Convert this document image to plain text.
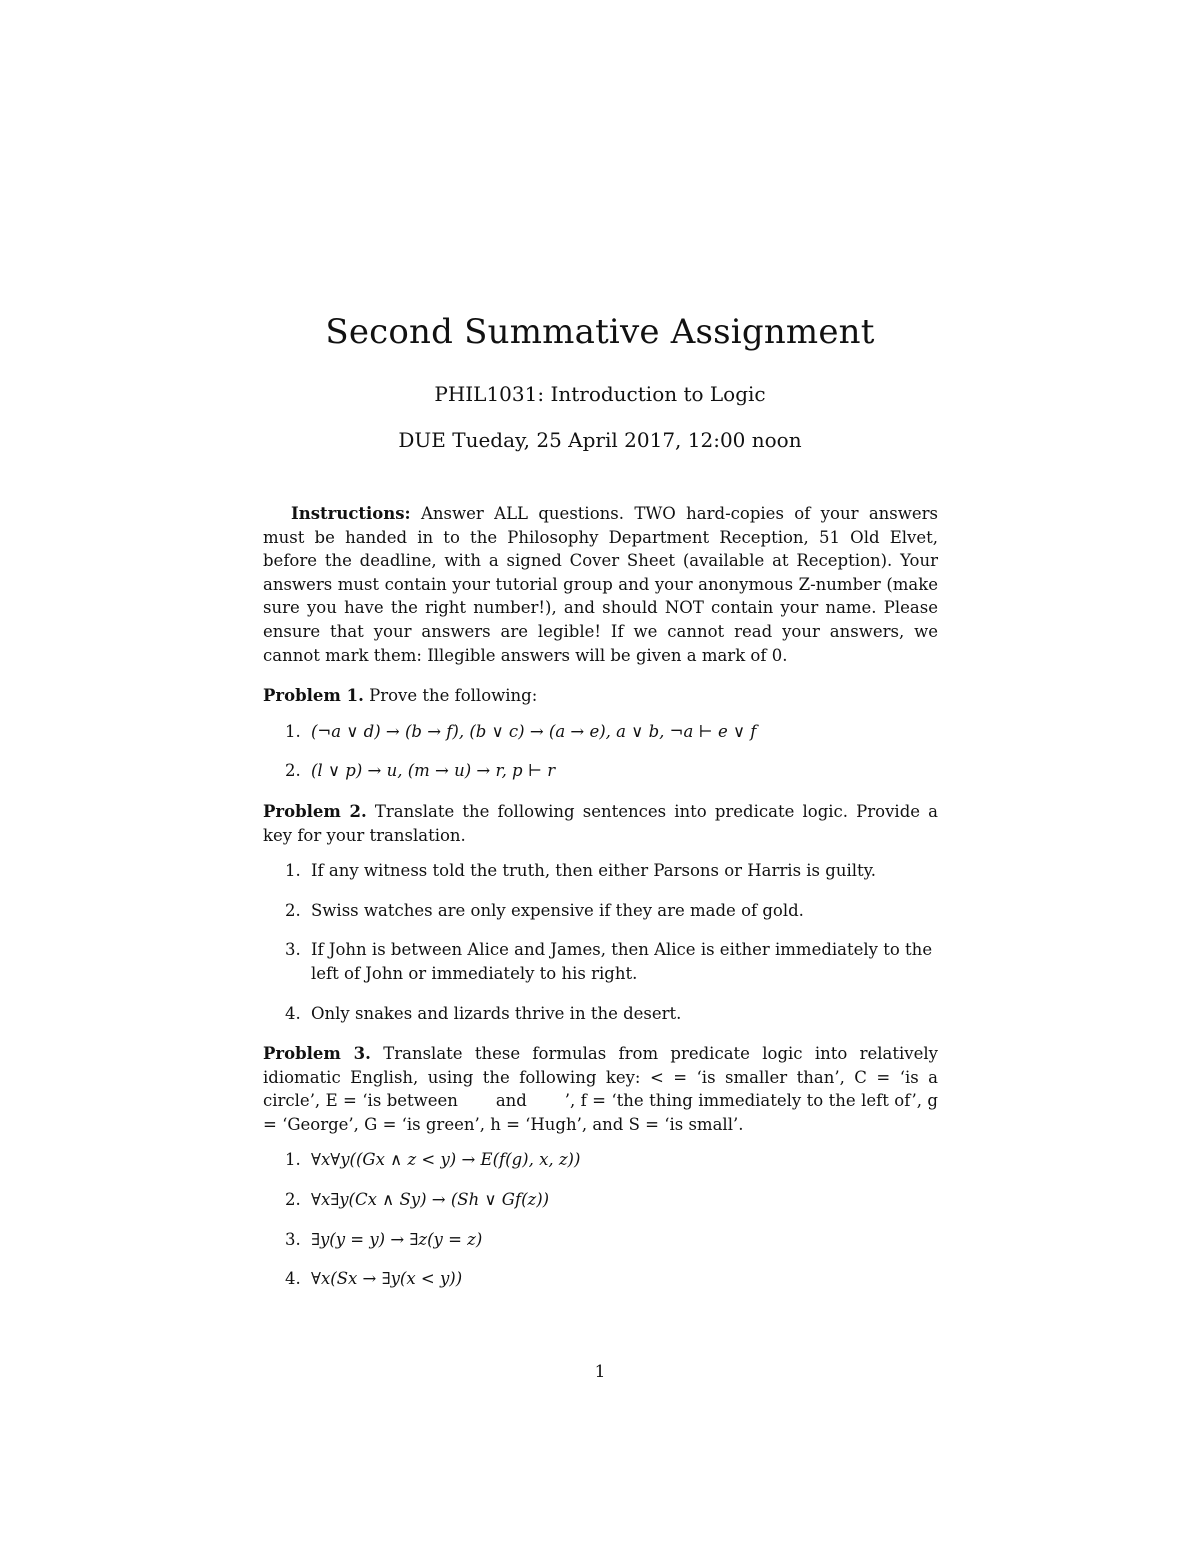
Second Summative Assignment
PHIL1031: Introduction to Logic
DUE Tueday, 25 April 2017, 12:00 noon

Instructions: Answer ALL questions. TWO hard-copies of your answers must be handed in to the Philosophy Department Reception, 51 Old Elvet, before the deadline, with a signed Cover Sheet (available at Reception). Your answers must contain your tutorial group and your anonymous Z-number (make sure you have the right number!), and should NOT contain your name. Please ensure that your answers are legible! If we cannot read your answers, we cannot mark them: Illegible answers will be given a mark of 0.

Problem 1. Prove the following:

1. (¬a ∨ d) → (b → f), (b ∨ c) → (a → e), a ∨ b, ¬a ⊢ e ∨ f
2. (l ∨ p) → u, (m → u) → r, p ⊢ r

Problem 2. Translate the following sentences into predicate logic. Provide a key for your translation.

1. If any witness told the truth, then either Parsons or Harris is guilty.
2. Swiss watches are only expensive if they are made of gold.
3. If John is between Alice and James, then Alice is either immediately to the left of John or immediately to his right.
4. Only snakes and lizards thrive in the desert.

Problem 3. Translate these formulas from predicate logic into relatively idiomatic English, using the following key: < = ‘is smaller than’, C = ‘is a circle’, E = ‘is between       and       ’, f = ‘the thing immediately to the left of’, g = ‘George’, G = ‘is green’, h = ‘Hugh’, and S = ‘is small’.

1. ∀x∀y((Gx ∧ z < y) → E(f(g), x, z))
2. ∀x∃y(Cx ∧ Sy) → (Sh ∨ Gf(z))
3. ∃y(y = y) → ∃z(y = z)
4. ∀x(Sx → ∃y(x < y))
1
